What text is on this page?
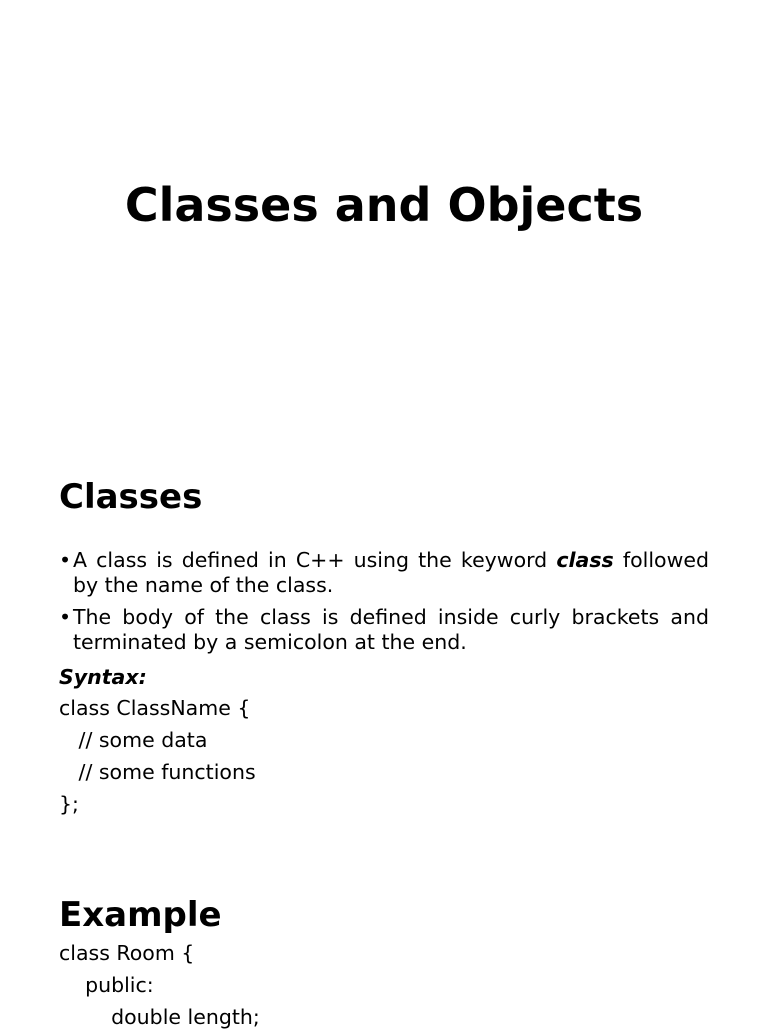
Classes and Objects
Classes
• A class is defined in C++ using the keyword class followed by the name of the class.
• The body of the class is defined inside curly brackets and terminated by a semicolon at the end.
Syntax:
class ClassName {
// some data
// some functions
};
Example
class Room {
public:
double length;
